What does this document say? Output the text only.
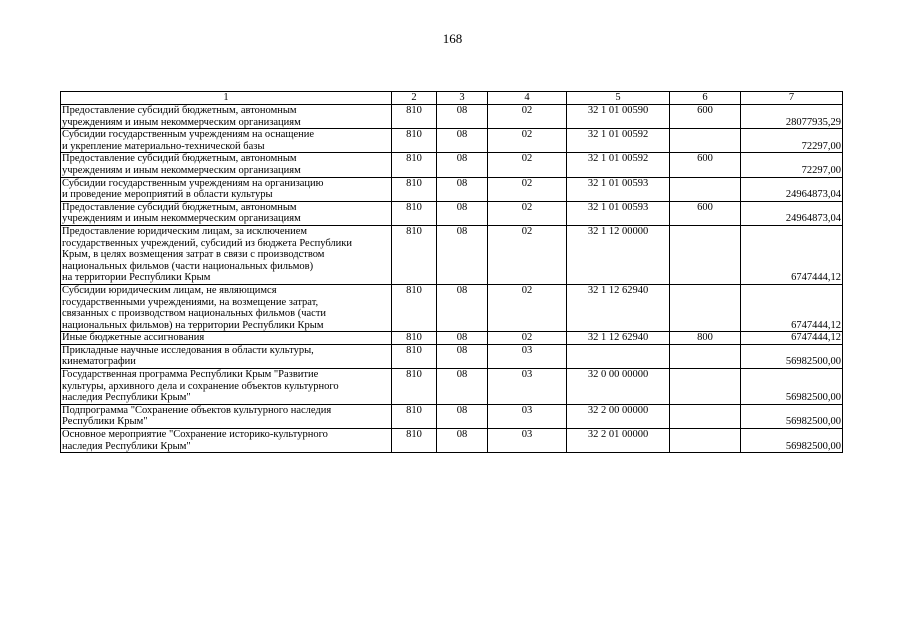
168
1	2	3	4	5	6	7

Предоставление субсидий бюджетным, автономным
учреждениям и иным некоммерческим организациям	810	08	02	32 1 01 00590	600	28077935,29

Субсидии государственным учреждениям на оснащение
и укрепление материально-технической базы	810	08	02	32 1 01 00592		72297,00

Предоставление субсидий бюджетным, автономным
учреждениям и иным некоммерческим организациям	810	08	02	32 1 01 00592	600	72297,00

Субсидии государственным учреждениям на организацию
и проведение мероприятий в области культуры	810	08	02	32 1 01 00593		24964873,04

Предоставление субсидий бюджетным, автономным
учреждениям и иным некоммерческим организациям	810	08	02	32 1 01 00593	600	24964873,04

Предоставление юридическим лицам, за исключением
государственных учреждений, субсидий из бюджета Республики
Крым, в целях возмещения затрат в связи с производством
национальных фильмов (части национальных фильмов)
на территории Республики Крым	810	08	02	32 1 12 00000		6747444,12

Субсидии юридическим лицам, не являющимся
государственными учреждениями, на возмещение затрат,
связанных с производством национальных фильмов (части
национальных фильмов) на территории Республики Крым	810	08	02	32 1 12 62940		6747444,12

Иные бюджетные ассигнования	810	08	02	32 1 12 62940	800	6747444,12

Прикладные научные исследования в области культуры,
кинематографии	810	08	03			56982500,00

Государственная программа Республики Крым "Развитие
культуры, архивного дела и сохранение объектов культурного
наследия Республики Крым"	810	08	03	32 0 00 00000		56982500,00

Подпрограмма "Сохранение объектов культурного наследия
Республики Крым"	810	08	03	32 2 00 00000		56982500,00

Основное мероприятие "Сохранение историко-культурного
наследия Республики Крым"	810	08	03	32 2 01 00000		56982500,00
